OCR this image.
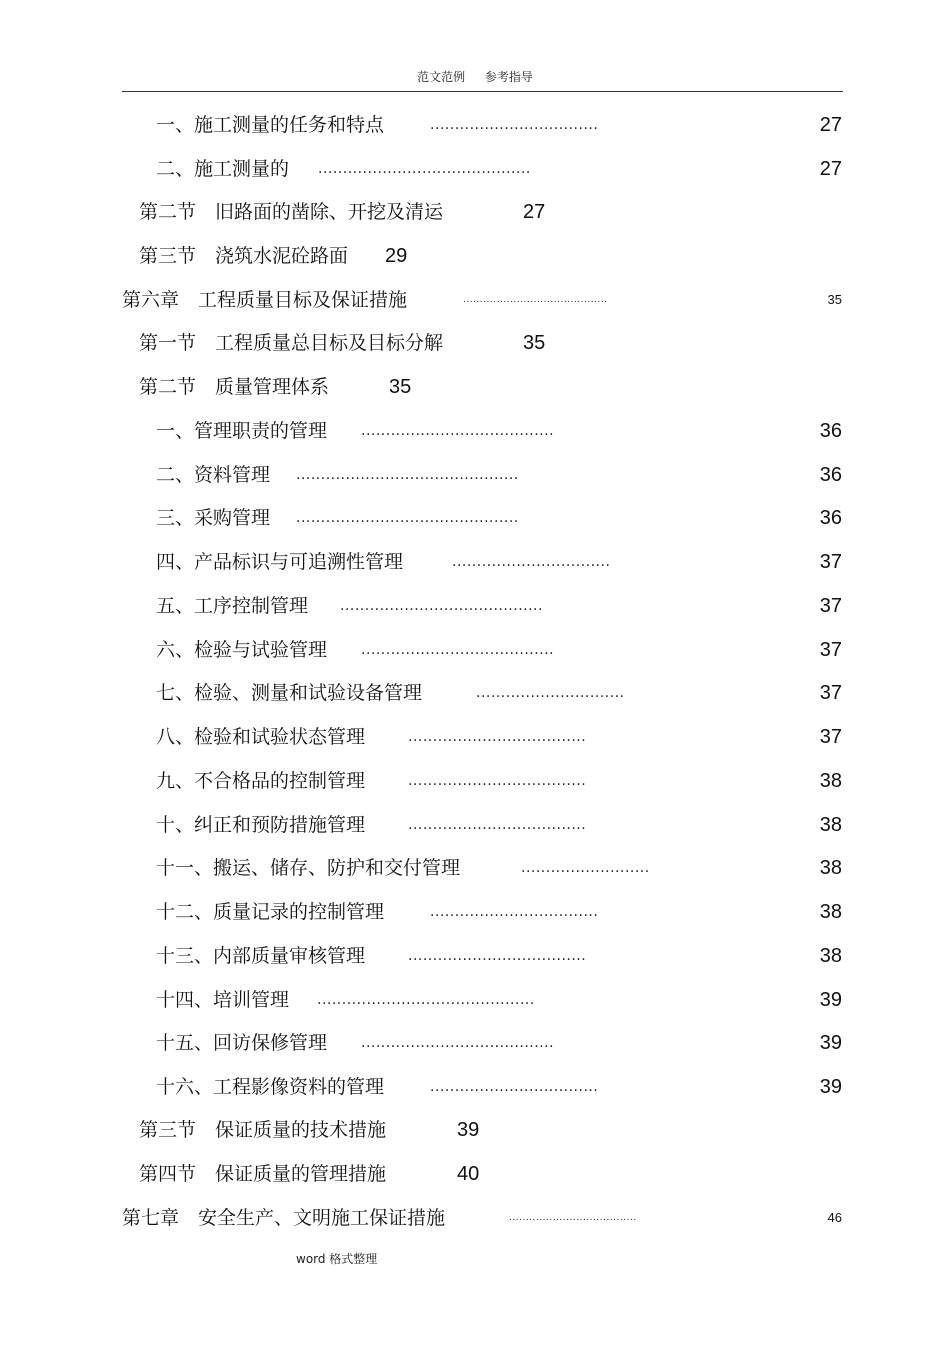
范文范例 参考指导
一、施工测量的任务和特点	..................................	27
二、施工测量的 ...........................................	27
第二节　旧路面的凿除、开挖及清运	27
第三节　浇筑水泥砼路面 29
第六章　工程质量目标及保证措施	...........................................	35
第一节　工程质量总目标及目标分解	35
第二节　质量管理体系	35
一、管理职责的管理 .......................................	36
二、资料管理 .............................................	36
三、采购管理 .............................................	36
四、产品标识与可追溯性管理	................................	37
五、工序控制管理 .........................................	37
六、检验与试验管理 .......................................	37
七、检验、测量和试验设备管理	..............................	37
八、检验和试验状态管理	....................................	37
九、不合格品的控制管理	....................................	38
十、纠正和预防措施管理	....................................	38
十一、搬运、储存、防护和交付管理	..........................	38
十二、质量记录的控制管理	..................................	38
十三、内部质量审核管理	....................................	38
十四、培训管理 ............................................	39
十五、回访保修管理 .......................................	39
十六、工程影像资料的管理	..................................	39
第三节　保证质量的技术措施	39
第四节　保证质量的管理措施	40
第七章　安全生产、文明施工保证措施	......................................	46
word 格式整理
